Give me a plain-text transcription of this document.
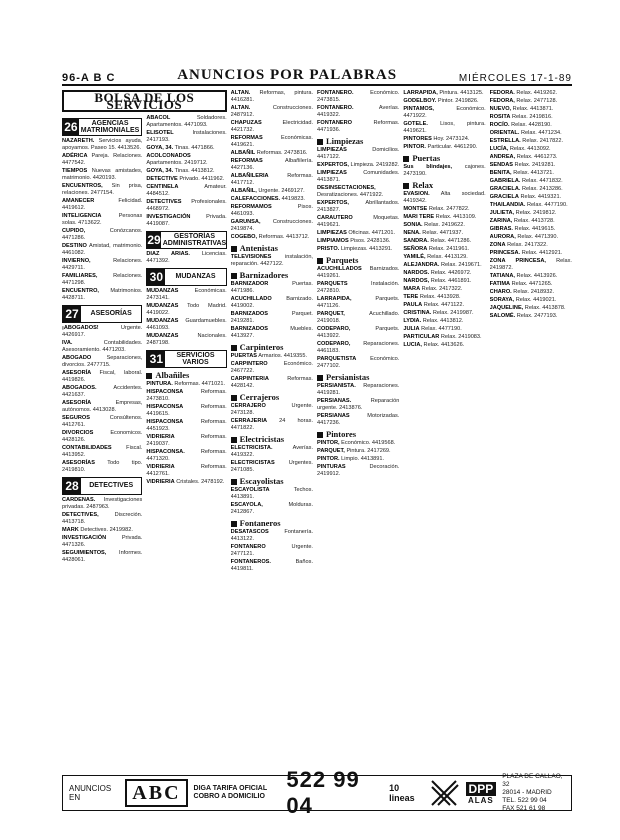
96-A B C	ANUNCIOS POR PALABRAS	MIÉRCOLES 17-1-89
BOLSA DE LOS SERVICIOS
26	AGENCIAS MATRIMONIALES
NAZARETH. Servicios ayuda, apoyamos. Paseo 15. 4413526.
ADÉRICA Pareja. Relaciones. 4477542.
TIEMPOS Nuevas amistades, matrimonio. 4420193.
ENCUENTROS, Sin prisa, relaciones. 2477154.
AMANECER	Felicidad. 4419612.
INTELIGENCIA	Personas solas. 4713622.
CUPIDO,	Conózcanos. 4471286.
DESTINO Amistad, matrimonio. 4461082.
INVIERNO,	Relaciones. 4429711.
FAMILIARES,	Relaciones. 4471298.
ENCUENTRO, Matrimonios. 4428711.
27	ASESORÍAS
¡ABOGADOS!	Urgente. 4426917.
IVA.	Contabilidades. Asesoramiento. 4471203.
ABOGADO	Separaciones, divorcios. 2477715.
ASESORÍA Fiscal, laboral. 4419826.
ABOGADOS.	Accidentes. 4421637.
ASESORÍA	Empresas, autónomos. 4413028.
SEGUROS	Consúltenos. 4412761.
DIVORCIOS	Economicos. 4428126.
CONTABILIDADES	Fiscal. 4413952.
ASESORÍAS Todo tipo. 2419810.
28	DETECTIVES
CARDENAS. Investigaciones privadas. 2487963.
DETECTIVES,	Discreción. 4413718.
MARK Detectives. 2419982.
INVESTIGACIÓN	Privada. 4471326.
SEGUIMIENTOS, Informes. 4428061.
ABACOL	Soldadores. Apartamentos. 4471093.
ELISOTEL	Instalaciones. 2417193.
GOYA, 34. Tinas. 4471866.
ACOLCONADOS Apartamentos. 2419712.
GOYA, 34. Tinas. 4413812.
DETECTIVE Privado. 4411962.
CENTINELA	Amateur. 4484512.
DETECTIVES Profesionales. 4468972.
INVESTIGACIÓN	Privada. 4419087.
29	GESTORÍAS ADMINISTRATIVAS
DIAZ ARIAS. Licencias. 4471392.
30	MUDANZAS
MUDANZAS	Económicas. 2473141.
MUDANZAS Todo Madrid. 4419022.
MUDANZAS Guardamuebles. 4461093.
MUDANZAS	Nacionales. 2487198.
31	SERVICIOS VARIOS
Albañiles
PINTURA. Reformas. 4471021.
HISPACONSA	Reformas. 2473810.
HISPACONSA	Reformas. 4419615.
HISPACONSA	Reformas. 4451923.
VIDRIERIA	Reformas. 2419037.
HISPACONSA.	Reformas. 4471320.
VIDRIERIA	Reformas. 4412761.
VIDRIERIA Cristales. 2478192.
ALTAN. Reformas, pintura. 4416281.
ALTAN.	Construcciones. 2487912.
CHAPUZAS	Electricidad. 4421732.
REFORMAS	Económicas. 4419621.
ALBAÑIL Reformas. 2473816.
REFORMAS	Albañilería. 4427136.
ALBAÑILERIA	Reformas. 4417712.
ALBAÑIL, Urgente. 2469127.
CALEFACCIONES. 4419823.
REFORMAMOS	Pisos. 4461093.
GARUNSA, Construcciones. 2419874.
COGEBO, Reformas. 4413712.
Antenistas
TELEVISIONES instalación, reparación. 4427122.
Barnizadores
BARNIZADOR	Puertas. 4471986.
ACUCHILLADO	Barnizado. 4419002.
BARNIZADOS	Parquet. 2419281.
BARNIZADOS	Muebles. 4413927.
Carpinteros
PUERTAS Armarios. 4419355.
CARPINTERO	Económico. 2467722.
CARPINTERIA	Reformas. 4428142.
Cerrajeros
CERRAJERO	Urgente. 2473128.
CERRAJERIA 24 horas. 4471822.
Electricistas
ELECTRICISTA.	Averías. 4419322.
ELECTRICISTAS	Urgentes. 2471085.
Escayolistas
ESCAYOLISTA	Techos. 4413891.
ESCAYOLA,	Molduras. 2412867.
Fontaneros
DESATASCOS	Fontanería. 4413122.
FONTANERO	Urgente. 2477121.
FONTANEROS.	Baños. 4419811.
FONTANERO.	Económico. 2473815.
FONTANERO.	Averías. 4419322.
FONTANERO	Reformas. 4471936.
Limpiezas
LIMPIEZAS	Domicilios. 4417122.
EXPERTOS, Limpieza. 2419282.
LIMPIEZAS	Comunidades. 4413871.
DESINSECTACIONES, Desratizaciones. 4471922.
EXPERTOS,	Abrillantados. 2413827.
CARAUTERO	Moquetas. 4419621.
LIMPIEZAS Oficinas. 4471201.
LIMPIAMOS Pisos. 2428136.
PRISTO. Limpiezas. 4413291.
Parquets
ACUCHILLADOS Barnizados. 4419261.
PARQUETS	Instalación. 2472810.
LARRAPIDA,	Parquets. 4471126.
PARQUET,	Acuchillado. 2419018.
CODEPARO,	Parquets. 4413922.
CODEPARO, Reparaciones. 4461183.
PARQUETISTA Económico. 2477102.
Persianistas
PERSIANISTA. Reparaciones. 4419281.
PERSIANAS.	Reparación urgente. 2413876.
PERSIANAS	Motorizadas. 4417236.
Pintores
PINTOR, Económico. 4419568.
PARQUET, Pintura. 2417269.
PINTOR. Limpio. 4413891.
PINTURAS	Decoración. 2419912.
LARRAPIDA, Pintura. 4413125.
GODELBOY. Pintor. 2419826.
PINTAMOS,	Económico. 4471922.
GOTELE. Lisos, pintura. 4419621.
PINTORES Hoy. 2473124.
PINTOR. Particular. 4461290.
Puertas
Sus blindajes, cajones. 2473190.
Relax
EVASION. Alta sociedad. 4419342.
MONTSE Relax. 2477822.
MARI TERE Relax. 4413109.
SONIA. Relax. 2419622.
NENA. Relax. 4471937.
SANDRA. Relax. 4471286.
SEÑORA Relax. 2411961.
YAMILÉ, Relax. 4413129.
ALEJANDRA. Relax. 2419671.
NARDOS. Relax. 4426972.
NARDOS, Relax. 4461891.
MARA Relax. 2417322.
TERE Relax. 4413928.
PAULA Relax. 4471122.
CRISTINA. Relax. 2419987.
LYDIA. Relax. 4413812.
JULIA Relax. 4477190.
PARTICULAR Relax. 2419083.
LUCIA, Relax. 4413626.
FEDORA. Relax. 4419262.
FEDORA, Relax. 2477128.
NUEVO, Relax. 4413871.
ROSITA Relax. 2419816.
ROCÍO. Relax. 4428190.
ORIENTAL. Relax. 4471234.
ESTRELLA. Relax. 2417822.
LUCÍA, Relax. 4413092.
ANDREA, Relax. 4461273.
SENDAS Relax. 2419281.
BENITA, Relax. 4413721.
GABRIELA. Relax. 4471832.
GRACIELA. Relax. 2413286.
GRACIELA Relax. 4419321.
THAILANDIA. Relax. 4477190.
JULIETA, Relax. 2419812.
ZARINA, Relax. 4413728.
GIBRAS. Relax. 4419615.
AURORA, Relax. 4471390.
ZONA Relax. 2417322.
PRINCESA. Relax. 4412921.
ZONA PRINCESA, Relax. 2419872.
TATIANA, Relax. 4413926.
FATIMA Relax. 4471265.
CHARO. Relax. 2418932.
SORAYA, Relax. 4419021.
JAQUELINE, Relax. 4413878.
SALOMÉ. Relax. 2477193.
ANUNCIOS EN	ABC	DIGA TARIFA OFICIAL COBRO A DOMICILIO
522 99 04
10 lineas
DPP
ALAS
PLAZA DE CALLAO, 32
28014 - MADRID
TEL. 522 99 04
FAX 521 61 98
